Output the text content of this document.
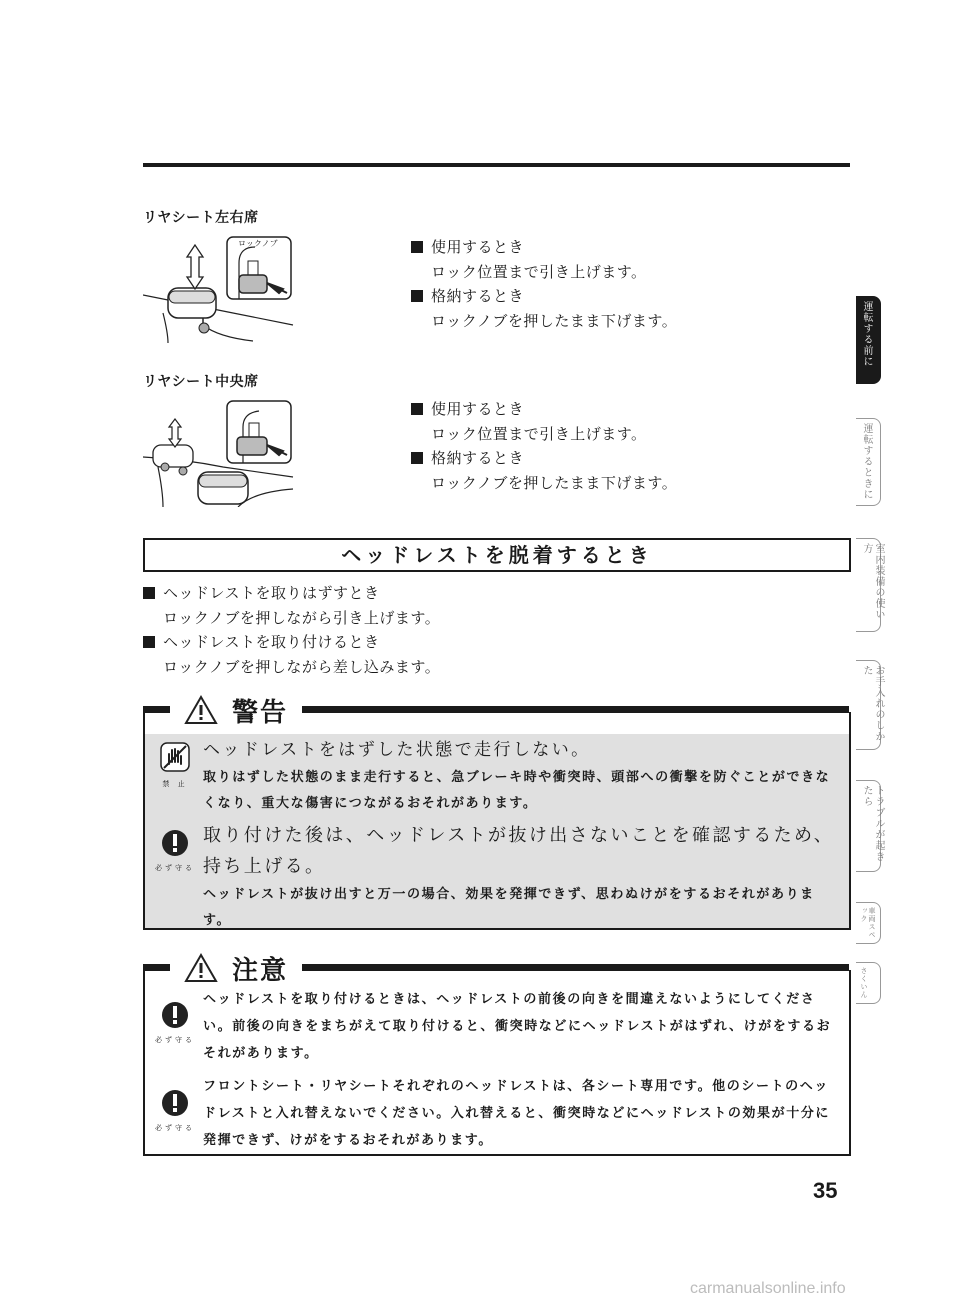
リヤシート左右席
ロックノブ	使用するとき
ロック位置まで引き上げます。
格納するとき
ロックノブを押したまま下げます。
リヤシート中央席
使用するとき
ロック位置まで引き上げます。
格納するとき
ロックノブを押したまま下げます。
ヘッドレストを脱着するとき
ヘッドレストを取りはずすとき
ロックノブを押しながら引き上げます。
ヘッドレストを取り付けるとき
ロックノブを押しながら差し込みます。
禁 止
ヘッドレストをはずした状態で走行しない。
取りはずした状態のまま走行すると、急ブレーキ時や衝突時、頭部への衝撃を防ぐことができなくなり、重大な傷害につながるおそれがあります。
必ず守る
取り付けた後は、ヘッドレストが抜け出さないことを確認するため、持ち上げる。
ヘッドレストが抜け出すと万一の場合、効果を発揮できず、思わぬけがをするおそれがあります。
警告
必ず守る
ヘッドレストを取り付けるときは、ヘッドレストの前後の向きを間違えないようにしてください。前後の向きをまちがえて取り付けると、衝突時などにヘッドレストがはずれ、けがをするおそれがあります。
必ず守る
フロントシート・リヤシートそれぞれのヘッドレストは、各シート専用です。他のシートのヘッドレストと入れ替えないでください。入れ替えると、衝突時などにヘッドレストの効果が十分に発揮できず、けがをするおそれがあります。
注意
運転する前に
運転するときに
室内装備の使い方
お手入れのしかた
トラブルが起きたら
車両スペック
さくいん
35
carmanualsonline.info
